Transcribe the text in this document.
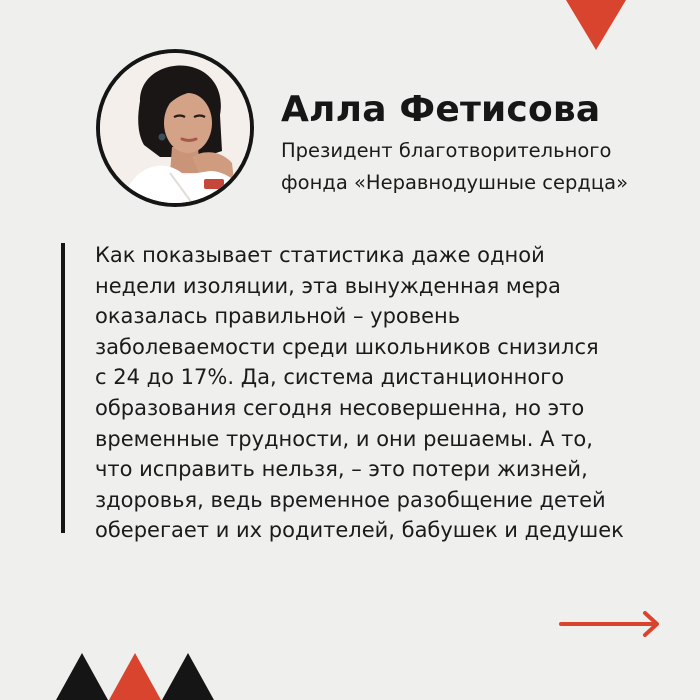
Алла Фетисова
Президент благотворительного
фонда «Неравнодушные сердца»
Как показывает статистика даже одной
недели изоляции, эта вынужденная мера
оказалась правильной – уровень
заболеваемости среди школьников снизился
с 24 до 17%. Да, система дистанционного
образования сегодня несовершенна, но это
временные трудности, и они решаемы. А то,
что исправить нельзя, – это потери жизней,
здоровья, ведь временное разобщение детей
оберегает и их родителей, бабушек и дедушек
